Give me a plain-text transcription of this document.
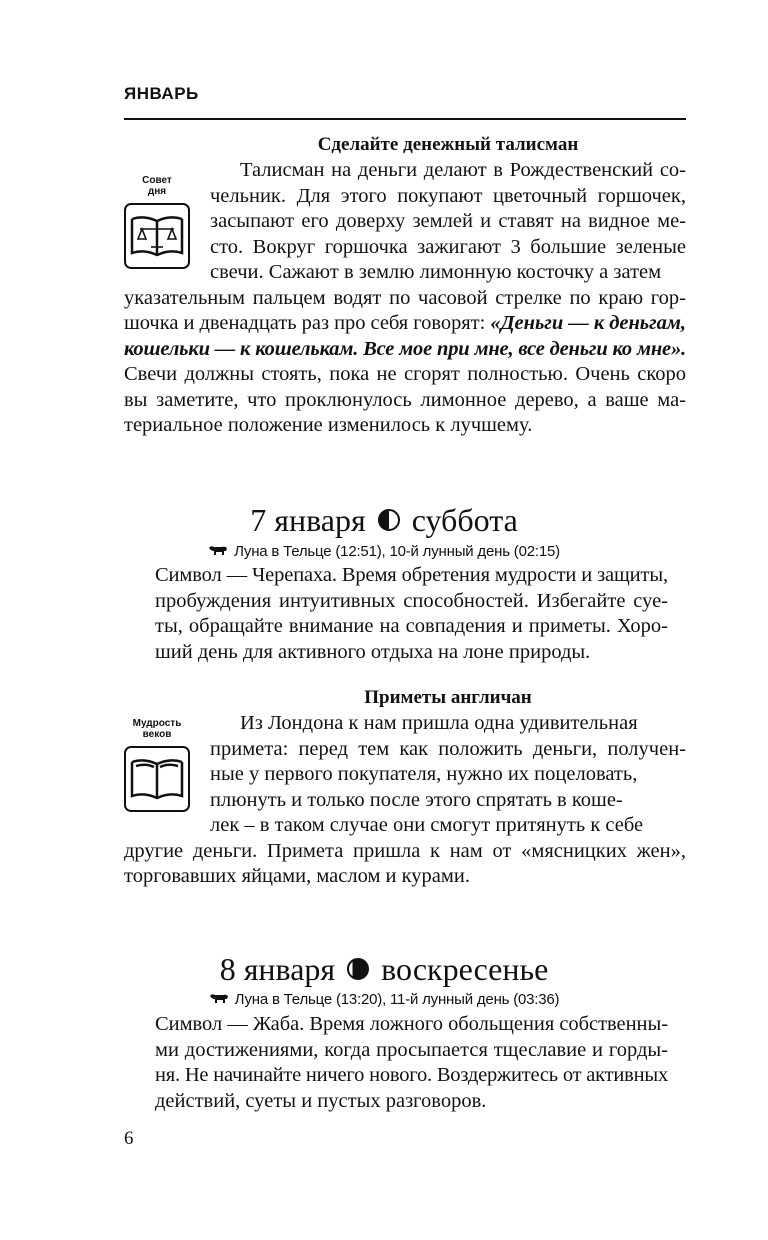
ЯНВАРЬ
Сделайте денежный талисман
Совет
дня
Талисман на деньги делают в Рождественский со-
чельник. Для этого покупают цветочный горшочек,
засыпают его доверху землей и ставят на видное ме-
сто. Вокруг горшочка зажигают 3 большие зеленые
свечи. Сажают в землю лимонную косточку а затем
указательным пальцем водят по часовой стрелке по краю гор-
шочка и двенадцать раз про себя говорят: «Деньги — к деньгам,
кошельки — к кошелькам. Все мое при мне, все деньги ко мне».
Свечи должны стоять, пока не сгорят полностью. Очень скоро
вы заметите, что проклюнулось лимонное дерево, а ваше ма-
териальное положение изменилось к лучшему.
7 января суббота
Луна в Тельце (12:51), 10-й лунный день (02:15)
Символ — Черепаха. Время обретения мудрости и защиты,
пробуждения интуитивных способностей. Избегайте суе-
ты, обращайте внимание на совпадения и приметы. Хоро-
ший день для активного отдыха на лоне природы.
Приметы англичан
Мудрость
веков
Из Лондона к нам пришла одна удивительная
примета: перед тем как положить деньги, получен-
ные у первого покупателя, нужно их поцеловать,
плюнуть и только после этого спрятать в коше-
лек – в таком случае они смогут притянуть к себе
другие деньги. Примета пришла к нам от «мясницких жен»,
торговавших яйцами, маслом и курами.
8 января воскресенье
Луна в Тельце (13:20), 11-й лунный день (03:36)
Символ — Жаба. Время ложного обольщения собственны-
ми достижениями, когда просыпается тщеславие и горды-
ня. Не начинайте ничего нового. Воздержитесь от активных
действий, суеты и пустых разговоров.
6
